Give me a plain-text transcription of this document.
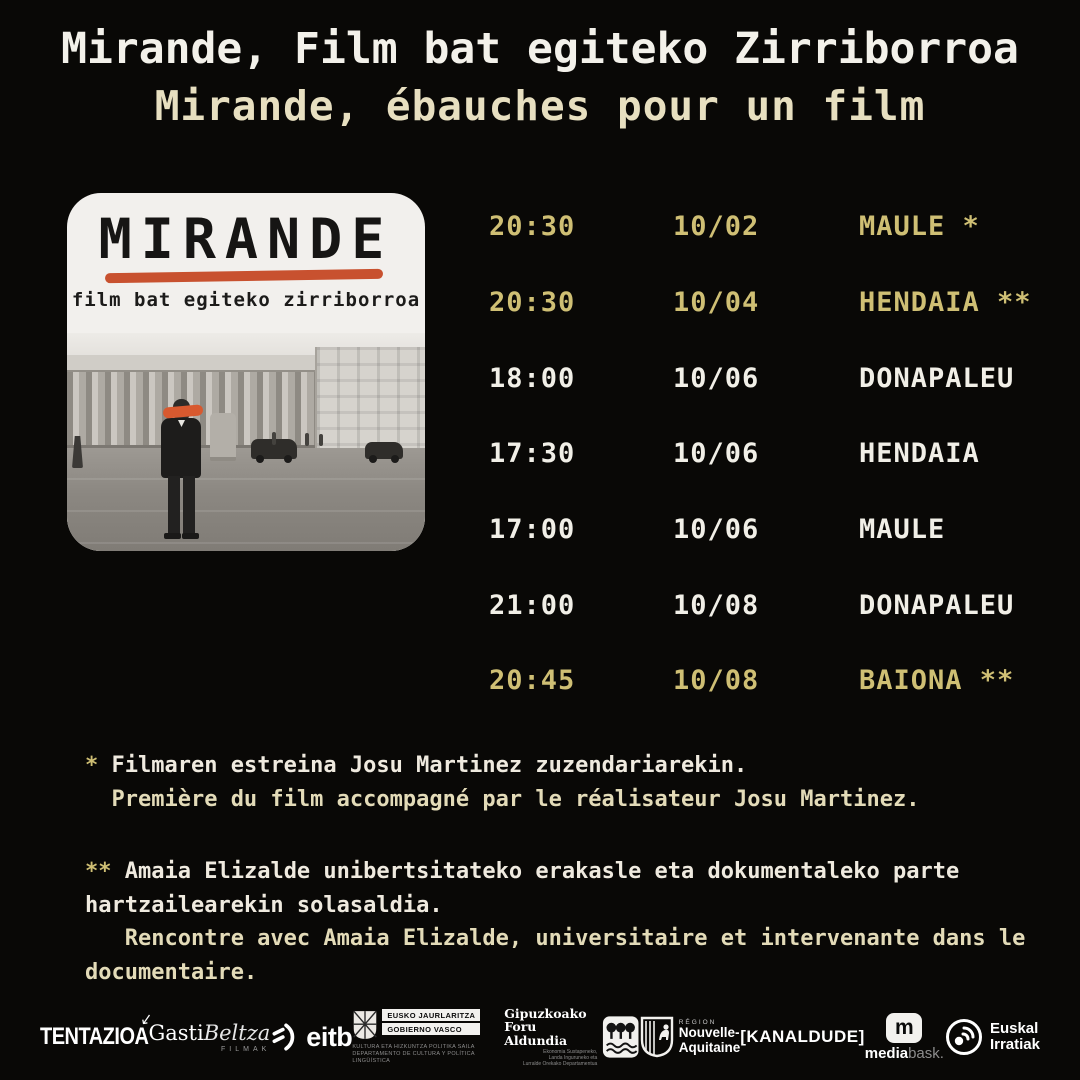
Mirande, Film bat egiteko Zirriborroa
Mirande, ébauches pour un film
MIRANDE
film bat egiteko zirriborroa
20:30	10/02	MAULE *
20:30	10/04	HENDAIA **
18:00	10/06	DONAPALEU
17:30	10/06	HENDAIA
17:00	10/06	MAULE
21:00	10/08	DONAPALEU
20:45	10/08	BAIONA **

* Filmaren estreina Josu Martinez zuzendariarekin.
Première du film accompagné par le réalisateur Josu Martinez.

** Amaia Elizalde unibertsitateko erakasle eta dokumentaleko parte hartzailearekin solasaldia.
Rencontre avec Amaia Elizalde, universitaire et intervenante dans le documentaire.

↙
TENTAZIOA GastiBeltza
FILMAK eitb
EUSKO JAURLARITZA
GOBIERNO VASCO
KULTURA ETA HIZKUNTZA POLITIKA SAILA
DEPARTAMENTO DE CULTURA Y POLÍTICA LINGÜÍSTICA
Gipuzkoako
Foru Aldundia
Ekonomia Sustapeneko,
Landa Inguruneko eta
Lurralde Orekako Departamentua
RÉGION
Nouvelle-
Aquitaine
[KANALDUDE]	m
mediabask.
Euskal
Irratiak
